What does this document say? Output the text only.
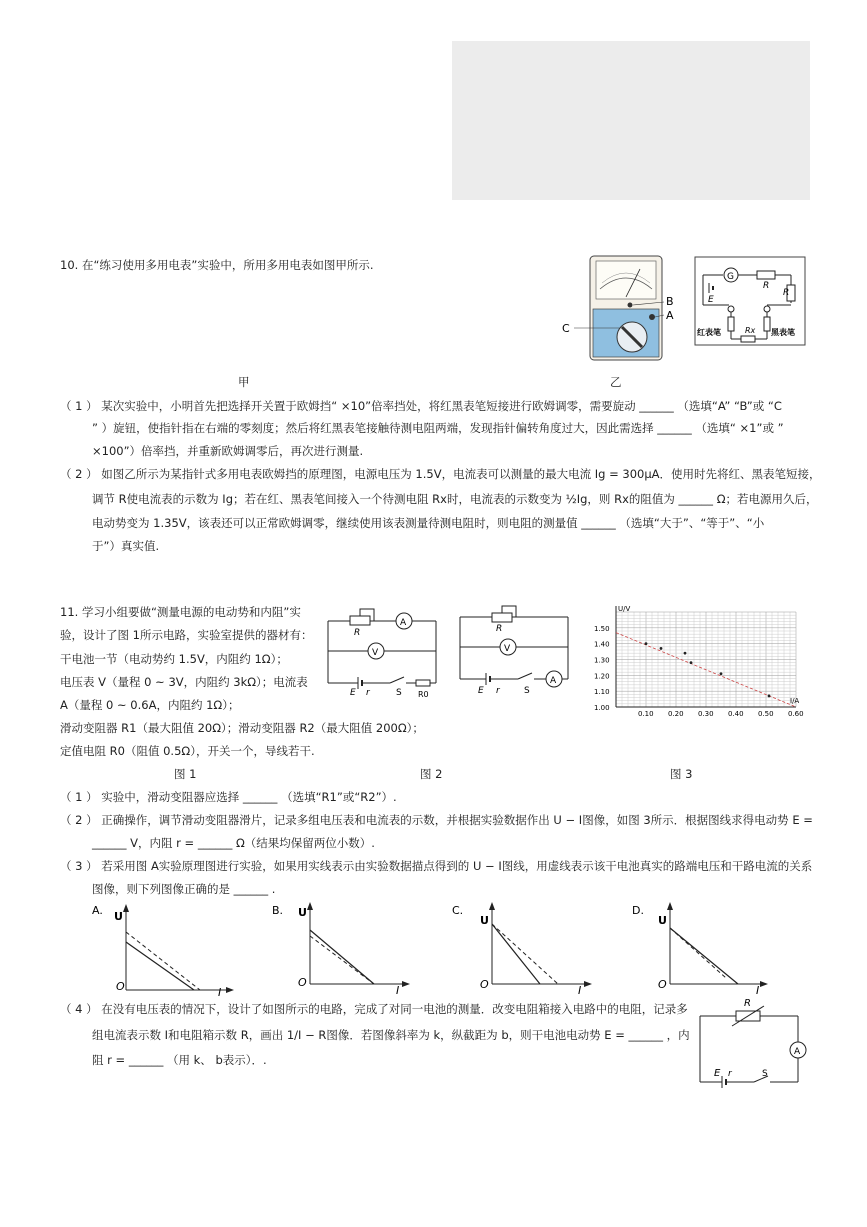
10. 在“练习使用多用电表”实验中，所用多用电表如图甲所示.
B
A
C
G
R
R
E
Rx
红表笔	黑表笔
甲	乙
（ 1 ） 某次实验中，小明首先把选择开关置于欧姆挡“ ×10”倍率挡处，将红黑表笔短接进行欧姆调零，需要旋动 ______ （选填“A” “B”或 “C
” ）旋钮，使指针指在右端的零刻度；然后将红黑表笔接触待测电阻两端，发现指针偏转角度过大，因此需选择 ______ （选填“ ×1”或 ”
×100”）倍率挡，并重新欧姆调零后，再次进行测量.
（ 2 ） 如图乙所示为某指针式多用电表欧姆挡的原理图，电源电压为 1.5V，电流表可以测量的最大电流 Ig = 300μA．使用时先将红、黑表笔短接，
调节 R使电流表的示数为 Ig；若在红、黑表笔间接入一个待测电阻 Rx时，电流表的示数变为 ½Ig，则 Rx的阻值为 ______ Ω；若电源用久后，
电动势变为 1.35V，该表还可以正常欧姆调零，继续使用该表测量待测电阻时，则电阻的测量值 ______ （选填“大于”、“等于”、“小
于”）真实值.
11. 学习小组要做“测量电源的电动势和内阻”实
验，设计了图 1所示电路，实验室提供的器材有：
干电池一节（电动势约 1.5V，内阻约 1Ω）；
电压表 V（量程 0 ~ 3V，内阻约 3kΩ）；电流表
A（量程 0 ~ 0.6A，内阻约 1Ω）；
滑动变阻器 R1（最大阻值 20Ω）；滑动变阻器 R2（最大阻值 200Ω）；
定值电阻 R0（阻值 0.5Ω），开关一个，导线若干.
R
A
V
E r	S R0
R
V
A
E r	S
U/V
I/A
1.00
0.10 0.20 0.30 0.40 0.50 0.60
1.10
1.20
1.30
1.40
1.50
图 1	图 2	图 3
（ 1 ） 实验中，滑动变阻器应选择 ______ （选填“R1”或“R2”）.
（ 2 ） 正确操作，调节滑动变阻器滑片，记录多组电压表和电流表的示数，并根据实验数据作出 U − I图像，如图 3所示．根据图线求得电动势 E =
______ V，内阻 r = ______ Ω（结果均保留两位小数）.
（ 3 ） 若采用图 A实验原理图进行实验，如果用实线表示由实验数据描点得到的 U − I图线，用虚线表示该干电池真实的路端电压和干路电流的关系
图像，则下列图像正确的是 ______ .
A. U
O	I
B. U
O
I
C.
U
O	I
D.
U
O	I
（ 4 ） 在没有电压表的情况下，设计了如图所示的电路，完成了对同一电池的测量．改变电阻箱接入电路中的电阻，记录多
组电流表示数 I和电阻箱示数 R，画出 1/I − R图像．若图像斜率为 k，纵截距为 b，则干电池电动势 E = ______ ，内
阻 r = ______ （用 k、 b表示）．.
R
A
E r	S
